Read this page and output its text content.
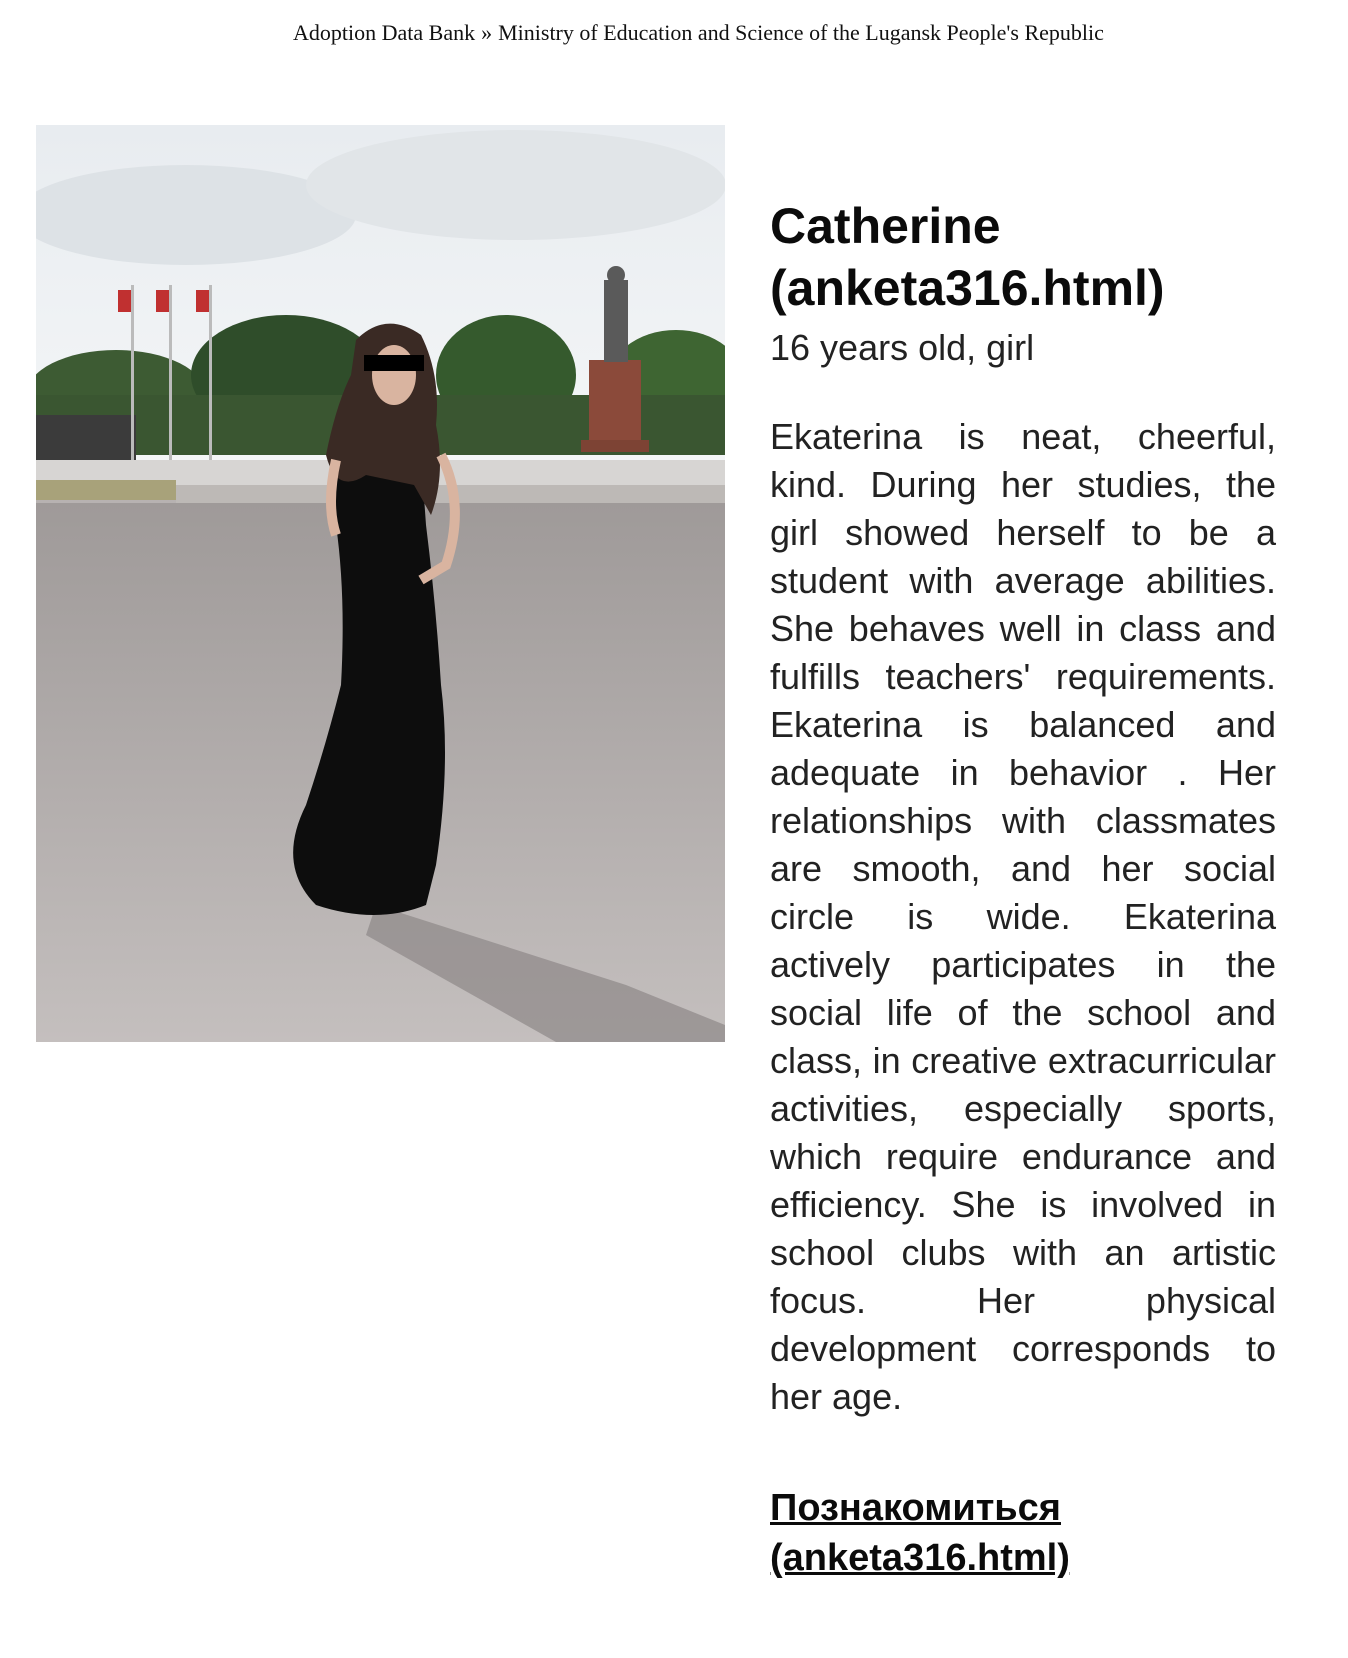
Adoption Data Bank » Ministry of Education and Science of the Lugansk People's Republic
Catherine (anketa316.html)

16 years old, girl

Ekaterina is neat, cheerful, kind. During her studies, the girl showed herself to be a student with average abilities. She behaves well in class and fulfills teachers' requirements. Ekaterina is balanced and adequate in behavior . Her relationships with classmates are smooth, and her social circle is wide. Ekaterina actively participates in the social life of the school and class, in creative extracurricular activities, especially sports, which require endurance and efficiency. She is involved in school clubs with an artistic focus. Her physical development corresponds to her age.

Познакомиться (anketa316.html)
